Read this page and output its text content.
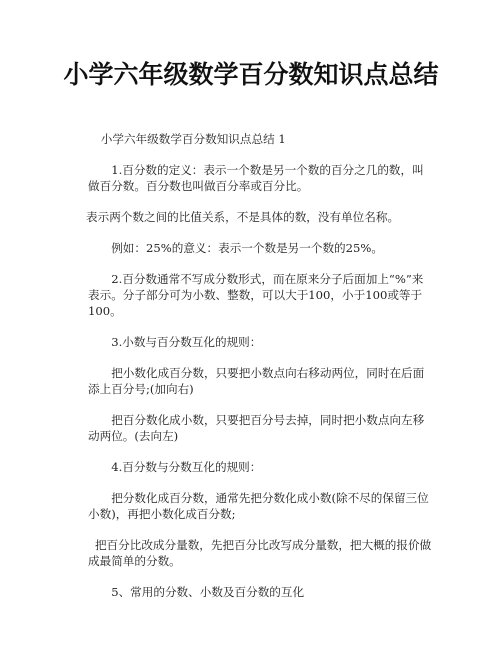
小学六年级数学百分数知识点总结

小学六年级数学百分数知识点总结 1

1.百分数的定义：表示一个数是另一个数的百分之几的数，叫做百分数。百分数也叫做百分率或百分比。

表示两个数之间的比值关系，不是具体的数，没有单位名称。

例如：25%的意义：表示一个数是另一个数的25%。

2.百分数通常不写成分数形式，而在原来分子后面加上“%”来表示。分子部分可为小数、整数，可以大于100，小于100或等于100。

3.小数与百分数互化的规则：

把小数化成百分数，只要把小数点向右移动两位，同时在后面添上百分号;(加向右)

把百分数化成小数，只要把百分号去掉，同时把小数点向左移动两位。(去向左)

4.百分数与分数互化的规则：

把分数化成百分数，通常先把分数化成小数(除不尽的保留三位小数)，再把小数化成百分数;

把百分比改成分量数，先把百分比改写成分量数，把大概的报价做成最简单的分数。

5、常用的分数、小数及百分数的互化
